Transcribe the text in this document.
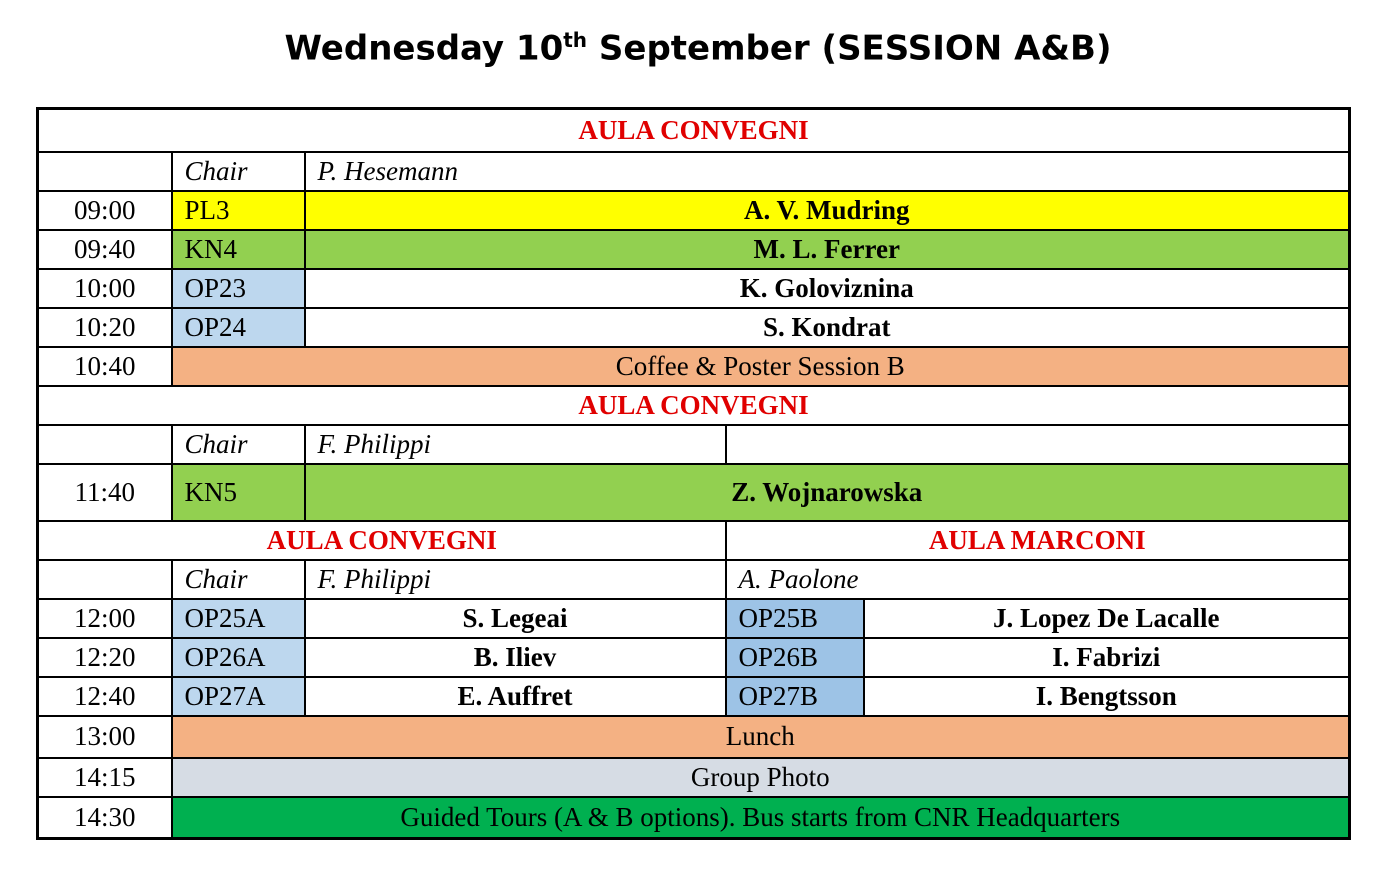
Wednesday 10th September (SESSION A&B)
AULA CONVEGNI				
	Chair	P. Hesemann		
09:00	PL3	A. V. Mudring		
09:40	KN4	M. L. Ferrer		
10:00	OP23	K. Goloviznina		
10:20	OP24	S. Kondrat		
10:40	Coffee & Poster Session B			
AULA CONVEGNI				
	Chair	F. Philippi		
11:40	KN5	Z. Wojnarowska		
AULA CONVEGNI			AULA MARCONI	
	Chair	F. Philippi	A. Paolone	
12:00	OP25A	S. Legeai	OP25B	J. Lopez De Lacalle
12:20	OP26A	B. Iliev	OP26B	I. Fabrizi
12:40	OP27A	E. Auffret	OP27B	I. Bengtsson
13:00	Lunch			
14:15	Group Photo			
14:30	Guided Tours (A & B options). Bus starts from CNR Headquarters			
